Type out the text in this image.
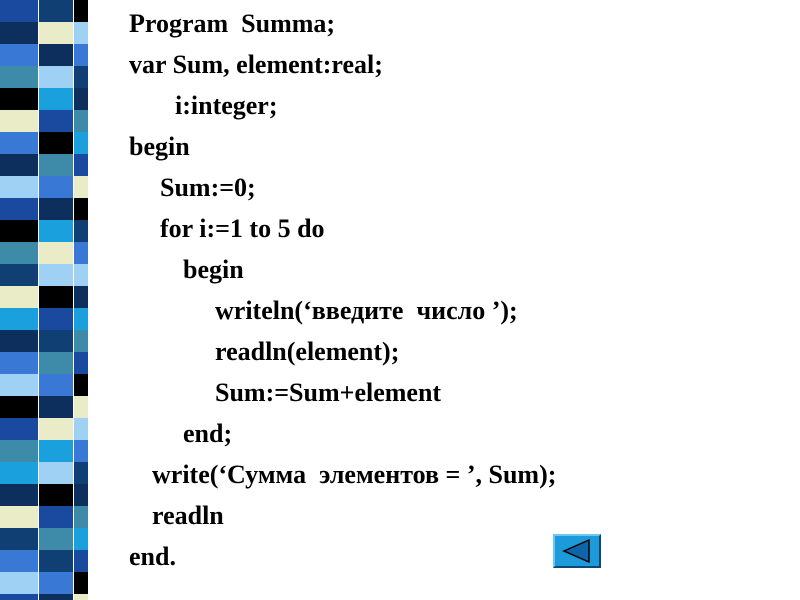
Program  Summa;
var Sum, element:real;
i:integer;
begin
Sum:=0;
for i:=1 to 5 do
begin
writeln(‘введите  число ’);
readln(element);
Sum:=Sum+element
end;
write(‘Сумма  элементов = ’, Sum);
readln
end.
